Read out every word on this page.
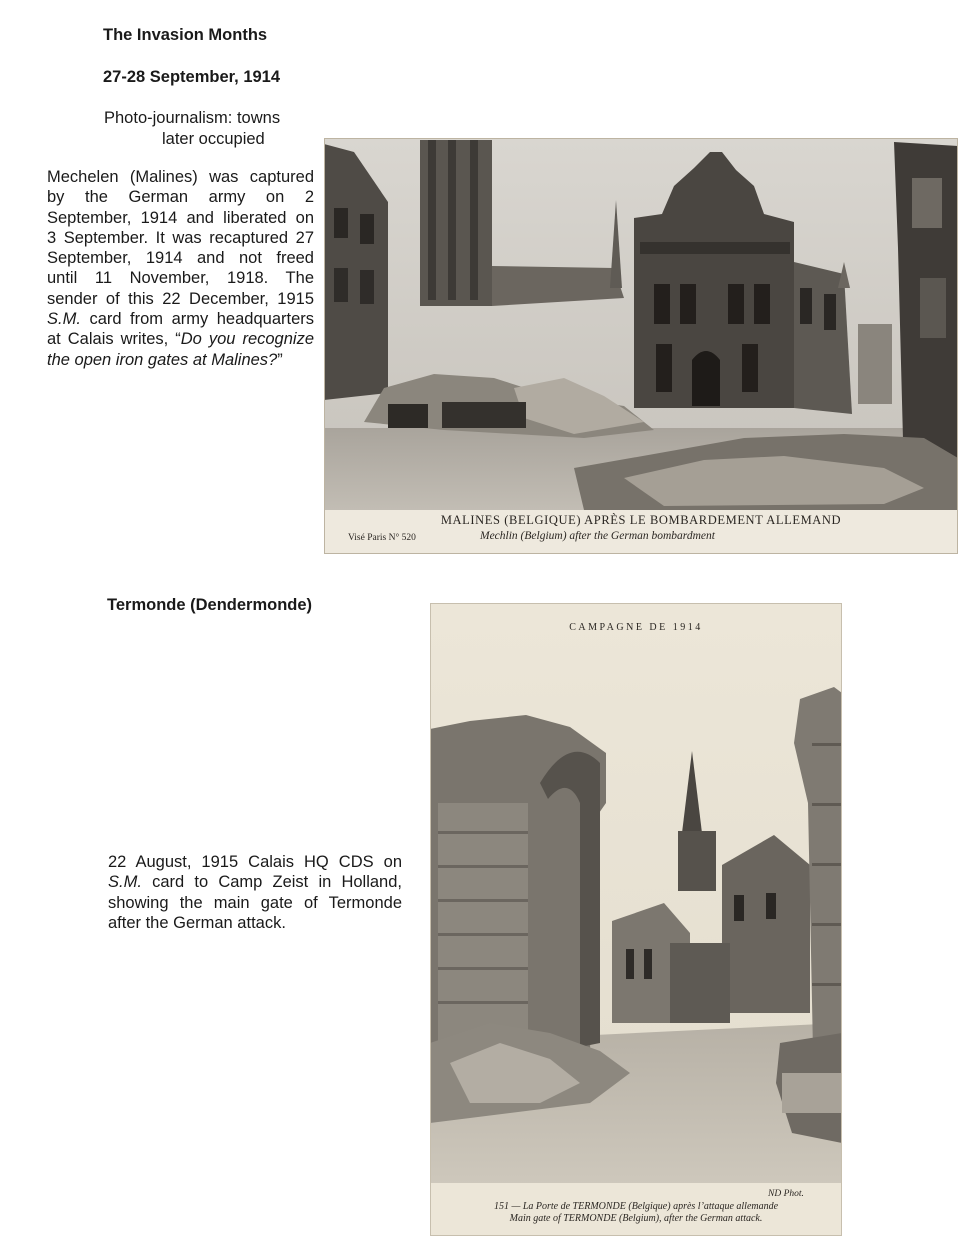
The Invasion Months
27-28 September, 1914
Photo-journalism: towns
later occupied
Mechelen (Malines) was captured
by the German army on 2
September, 1914 and liberated on
3 September. It was recaptured 27
September, 1914 and not freed
until 11 November, 1918. The
sender of this 22 December, 1915
S.M. card from army headquarters
at Calais writes, “Do you recognize
the open iron gates at Malines?”
MALINES (BELGIQUE) APRÈS LE BOMBARDEMENT ALLEMAND
Visé Paris N° 520	Mechlin (Belgium) after the German bombardment
Termonde (Dendermonde)
22 August, 1915 Calais HQ CDS on
S.M. card to Camp Zeist in Holland,
showing the main gate of Termonde
after the German attack.
CAMPAGNE DE 1914
ND Phot.
151 — La Porte de TERMONDE (Belgique) après l’attaque allemande
Main gate of TERMONDE (Belgium), after the German attack.
